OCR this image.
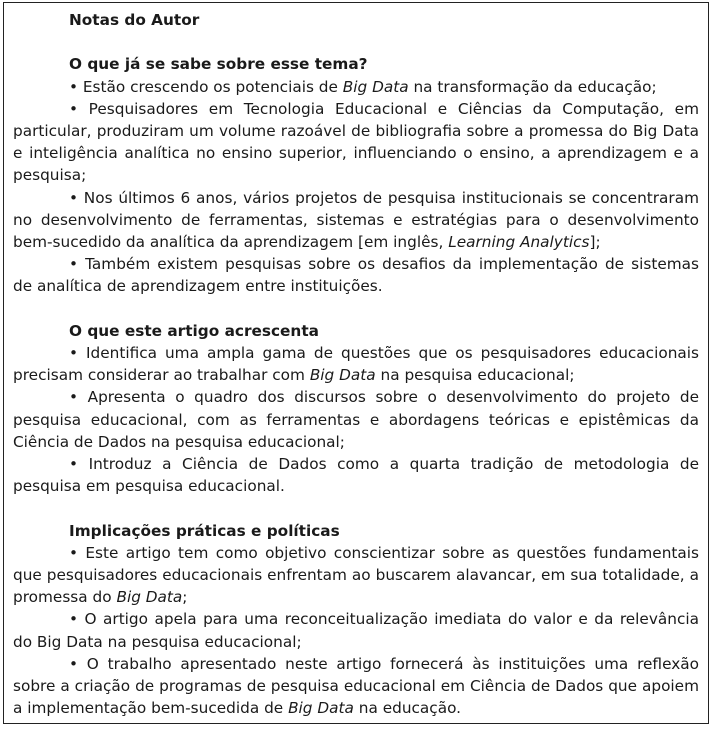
Notas do Autor
O que já se sabe sobre esse tema?

• Estão crescendo os potenciais de Big Data na transformação da educação;

• Pesquisadores em Tecnologia Educacional e Ciências da Computação, em particular, produziram um volume razoável de bibliografia sobre a promessa do Big Data e inteligência analítica no ensino superior, influenciando o ensino, a aprendizagem e a pesquisa;

• Nos últimos 6 anos, vários projetos de pesquisa institucionais se concentraram no desenvolvimento de ferramentas, sistemas e estratégias para o desenvolvimento bem-sucedido da analítica da aprendizagem [em inglês, Learning Analytics];

• Também existem pesquisas sobre os desafios da implementação de sistemas de analítica de aprendizagem entre instituições.

O que este artigo acrescenta

• Identifica uma ampla gama de questões que os pesquisadores educacionais precisam considerar ao trabalhar com Big Data na pesquisa educacional;

• Apresenta o quadro dos discursos sobre o desenvolvimento do projeto de pesquisa educacional, com as ferramentas e abordagens teóricas e epistêmicas da Ciência de Dados na pesquisa educacional;

• Introduz a Ciência de Dados como a quarta tradição de metodologia de pesquisa em pesquisa educacional.

Implicações práticas e políticas

• Este artigo tem como objetivo conscientizar sobre as questões fundamentais que pesquisadores educacionais enfrentam ao buscarem alavancar, em sua totalidade, a promessa do Big Data;

• O artigo apela para uma reconceitualização imediata do valor e da relevância do Big Data na pesquisa educacional;

• O trabalho apresentado neste artigo fornecerá às instituições uma reflexão sobre a criação de programas de pesquisa educacional em Ciência de Dados que apoiem a implementação bem-sucedida de Big Data na educação.
